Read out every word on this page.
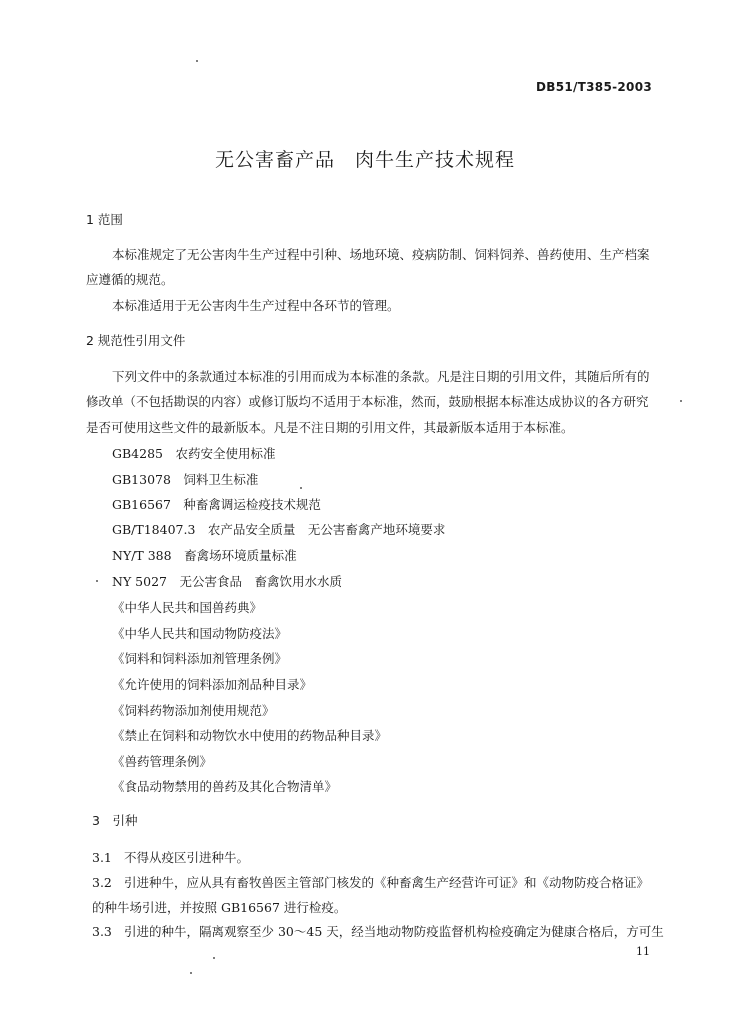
DB51/T385-2003
无公害畜产品　肉牛生产技术规程
1 范围
本标准规定了无公害肉牛生产过程中引种、场地环境、疫病防制、饲料饲养、兽药使用、生产档案
应遵循的规范。
本标准适用于无公害肉牛生产过程中各环节的管理。
2 规范性引用文件
下列文件中的条款通过本标准的引用而成为本标准的条款。凡是注日期的引用文件，其随后所有的
修改单（不包括勘误的内容）或修订版均不适用于本标准，然而，鼓励根据本标准达成协议的各方研究
是否可使用这些文件的最新版本。凡是不注日期的引用文件，其最新版本适用于本标准。
GB4285　农药安全使用标准
GB13078　饲料卫生标准
GB16567　种畜禽调运检疫技术规范
GB/T18407.3　农产品安全质量　无公害畜禽产地环境要求
NY/T 388　畜禽场环境质量标准
NY 5027　无公害食品　畜禽饮用水水质
《中华人民共和国兽药典》
《中华人民共和国动物防疫法》
《饲料和饲料添加剂管理条例》
《允许使用的饲料添加剂品种目录》
《饲料药物添加剂使用规范》
《禁止在饲料和动物饮水中使用的药物品种目录》
《兽药管理条例》
《食品动物禁用的兽药及其化合物清单》
3　引种
3.1 不得从疫区引进种牛。
3.2 引进种牛，应从具有畜牧兽医主管部门核发的《种畜禽生产经营许可证》和《动物防疫合格证》
的种牛场引进，并按照 GB16567 进行检疫。
3.3 引进的种牛，隔离观察至少 30～45 天，经当地动物防疫监督机构检疫确定为健康合格后，方可生
11
